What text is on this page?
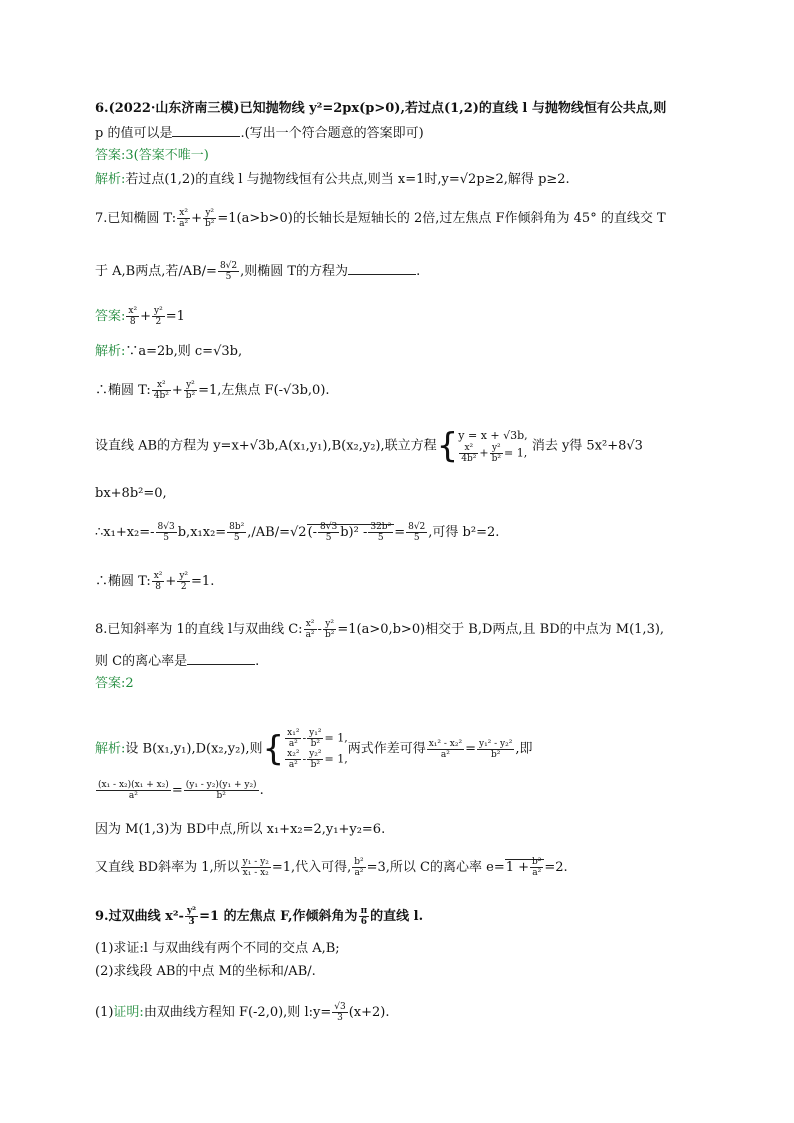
6.(2022·山东济南三模)已知抛物线 y²=2px(p>0),若过点(1,2)的直线 l 与抛物线恒有公共点,则
p 的值可以是	.(写出一个符合题意的答案即可)
答案:3(答案不唯一)
解析:若过点(1,2)的直线 l 与抛物线恒有公共点,则当 x=1时,y=√2p≥2,解得 p≥2.
7.已知椭圆 T: $\frac{\text{x²}}{\text{a²}} + \frac{\text{y²}}{\text{b²}} =1(a>b>0)$的长轴长是短轴长的 2倍,过左焦点 F作倾斜角为 45° 的直线交 T
于 A,B两点,若$/AB/= \frac{8√2}{5}$ ,则椭圆 T的方程为	.
答案: $\frac{\text{x²}}{8} + \frac{\text{y²}}{2} =1$
解析:∵a=2b,则 c=√3b,
∴椭圆 T: $\frac{\text{x²}}{\text{4b²}} + \frac{\text{y²}}{\text{b²}} =1$,左焦点 F(-√3b,0).
设直线 AB的方程为 y=x+√3b,A(x₁,y₁),B(x₂,y₂),联立方程{ y = x + √3b,
$\frac{\text{x²}}{\text{4b²}} + \frac{\text{y²}}{\text{b²}} = 1$, 消去 y得 5x²+8√3
bx+8b²=0,
∴x₁+x₂=- $\frac{8√3}{5} b,x_1x_2= \frac{\text{8b²}}{5} ,/AB/=√2(- \frac{8√3}{5} b)^2 - \frac{\text{32b²}}{5} = \frac{8√2}{5}$ ,可得 b²=2.
∴椭圆 T: $\frac{\text{x²}}{8} + \frac{\text{y²}}{2} =1$.
8.已知斜率为 1的直线 l与双曲线 C: $\frac{\text{x²}}{\text{a²}} - \frac{\text{y²}}{\text{b²}} =1(a>0,b>0)$相交于 B,D两点,且 BD的中点为 M(1,3),
则 C的离心率是	.
答案:2
解析:设 B(x₁,y₁),D(x₂,y₂),则{ $\frac{\text{x₁²}}{\text{a²}} - \frac{\text{y₁²}}{\text{b²}} = 1$,
$\frac{\text{x₂²}}{\text{a²}} - \frac{\text{y₂²}}{\text{b²}} = 1$,
两式作差可得 $\frac{\text{x₁² - x₂²}}{\text{a²}} = \frac{\text{y₁² - y₂²}}{\text{b²}}$ ,即
$\frac{\text{(x₁ - x₂)(x₁ + x₂)}}{\text{a²}} = \frac{\text{(y₁ - y₂)(y₁ + y₂)}}{\text{b²}}$ .
因为 M(1,3)为 BD中点,所以 x₁+x₂=2,y₁+y₂=6.
又直线 BD斜率为 1,所以 $\frac{\text{y₁ - y₂}}{\text{x₁ - x₂}} =1$,代入可得, $\frac{\text{b²}}{\text{a²}} =3$,所以 C的离心率 $e=1 + \frac{\text{b²}}{\text{a²}} =2$.
9.过双曲线 $x^2- \frac{\text{y²}}{3} =1$ 的左焦点 F,作倾斜角为 $\frac{\pi}{6}$ 的直线 l.
(1)求证:l 与双曲线有两个不同的交点 A,B;
(2)求线段 AB的中点 M的坐标和/AB/.
(1)证明:由双曲线方程知 F(-2,0),则 l:y= $\frac{√3}{3} (x+2)$.
